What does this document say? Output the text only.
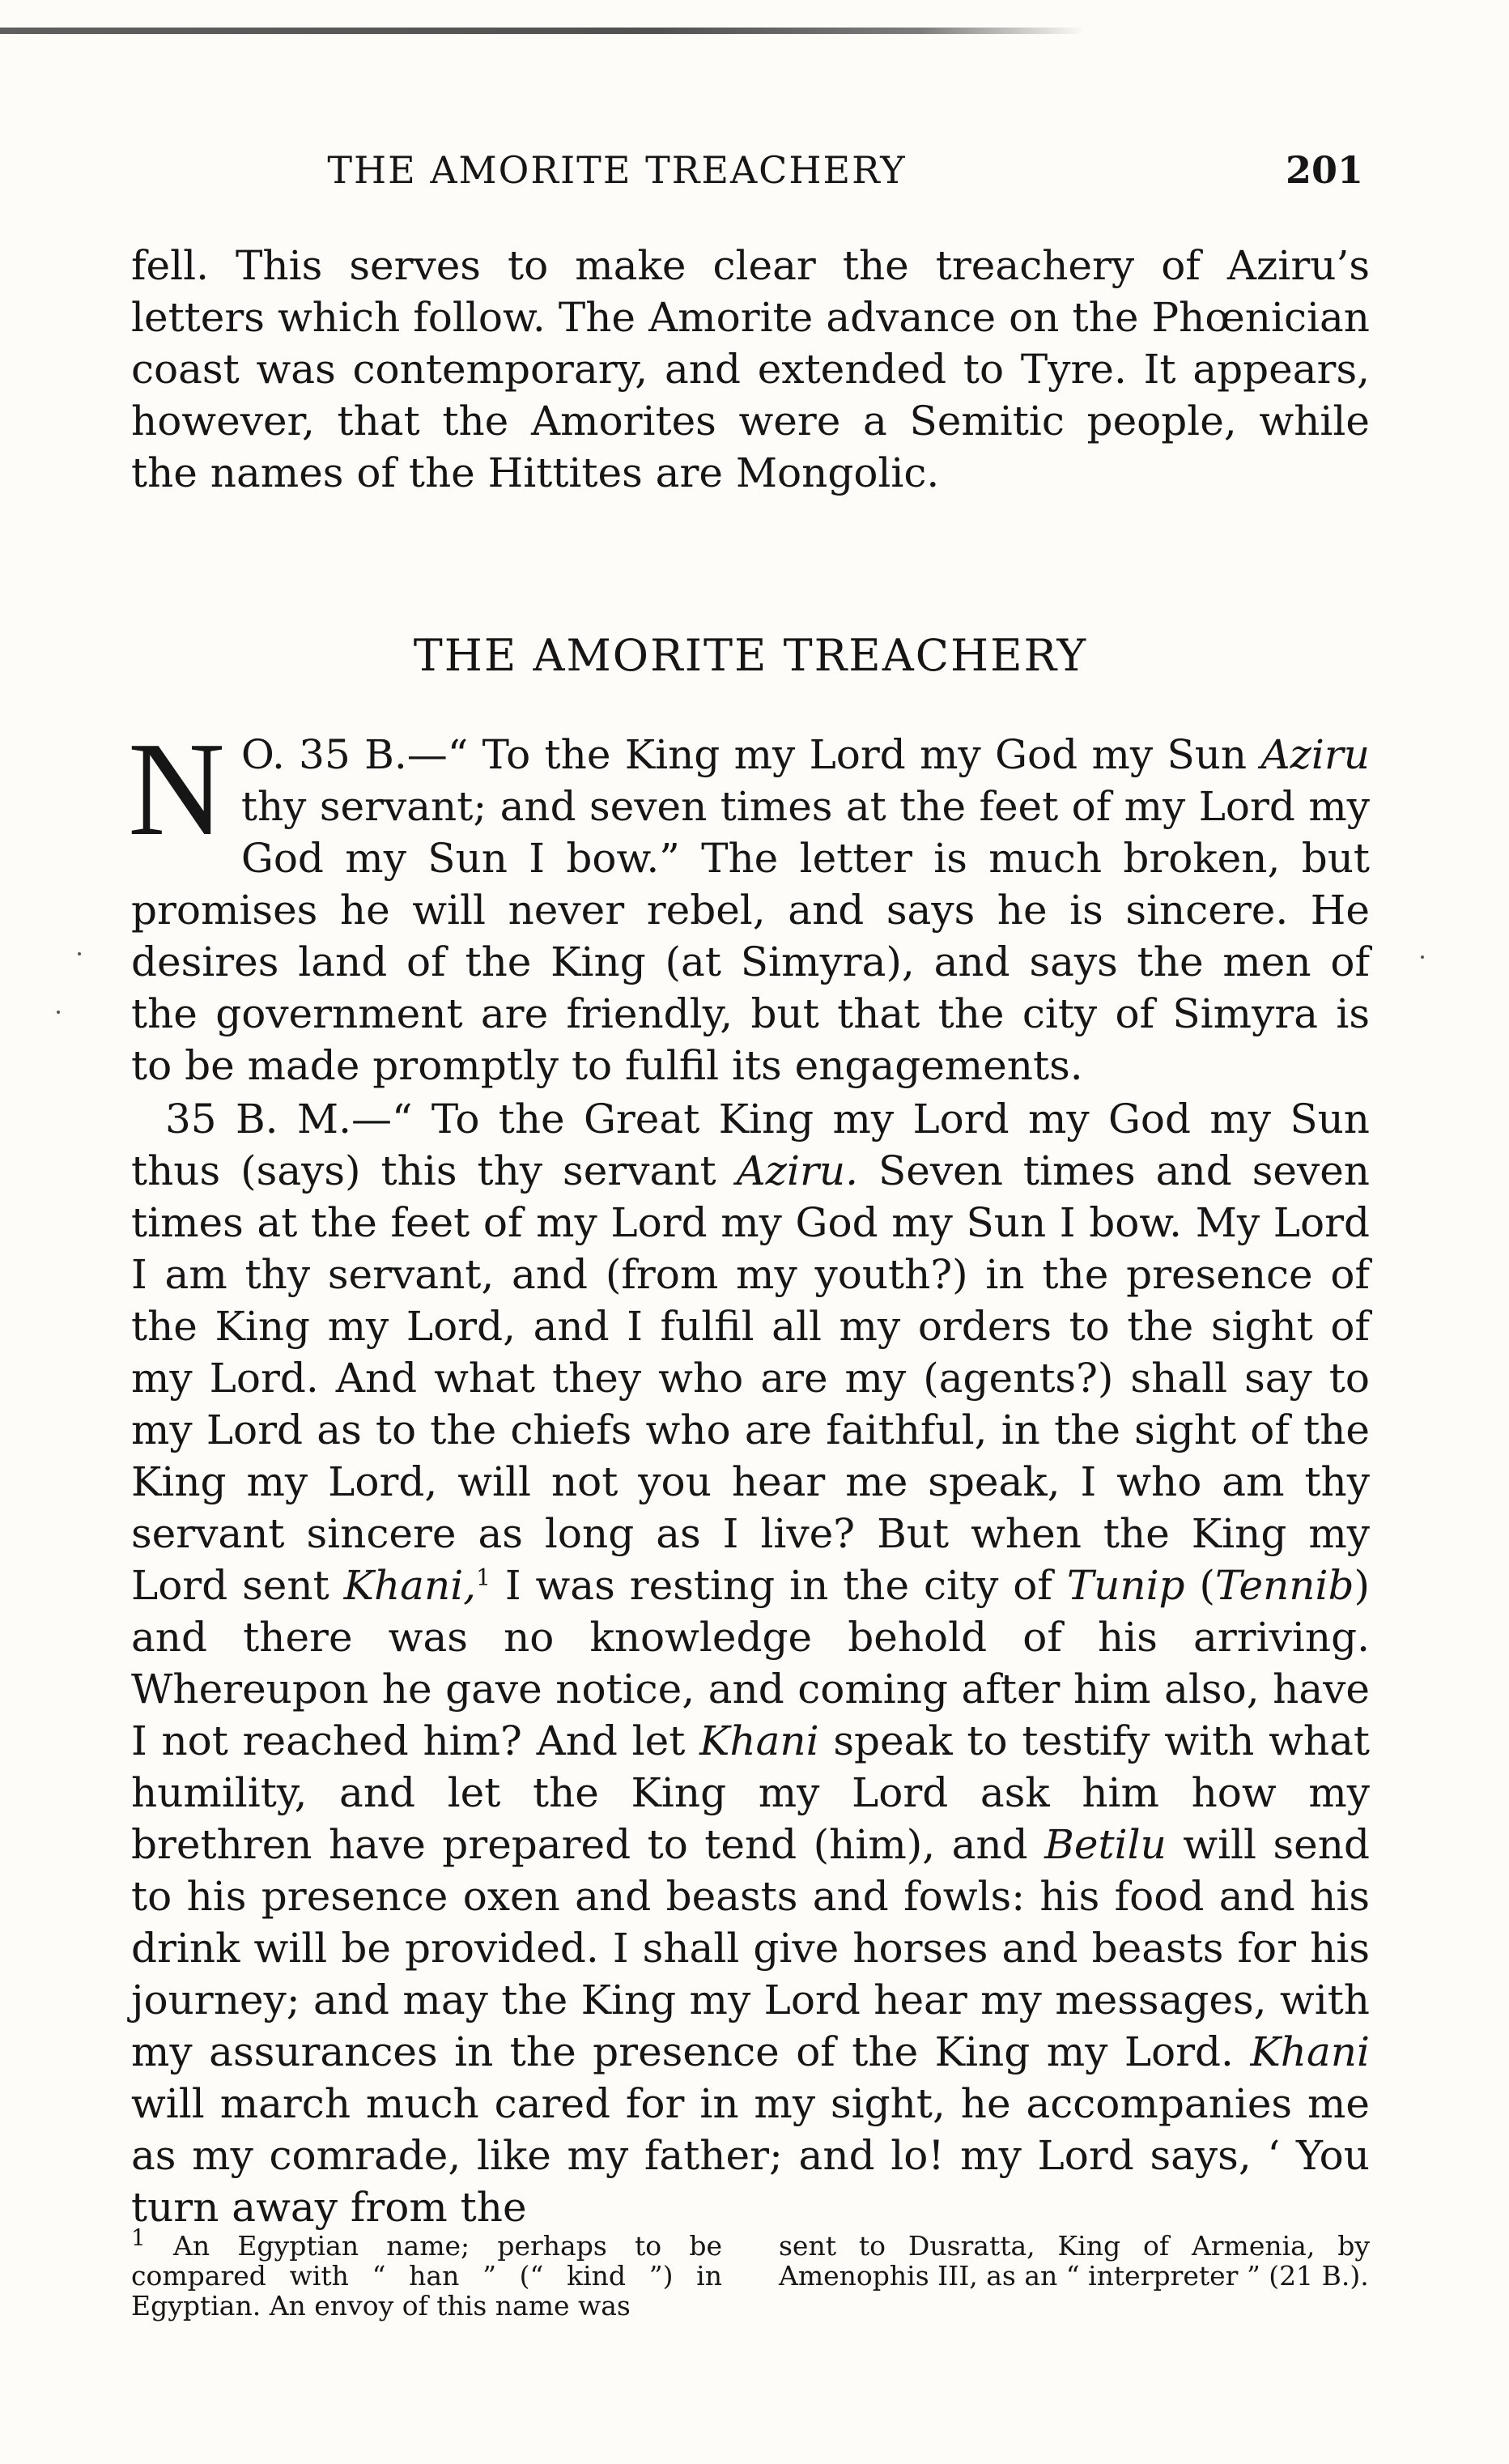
THE AMORITE TREACHERY	201

fell. This serves to make clear the treachery of Aziru’s letters which follow. The Amorite advance on the Phœnician coast was contemporary, and extended to Tyre. It appears, however, that the Amorites were a Semitic people, while the names of the Hittites are Mongolic.

THE AMORITE TREACHERY

N O. 35 B.—“ To the King my Lord my God my Sun Aziru thy servant; and seven times at the feet of my Lord my God my Sun I bow.” The letter is much broken, but promises he will never rebel, and says he is sincere. He desires land of the King (at Simyra), and says the men of the government are friendly, but that the city of Simyra is to be made promptly to fulfil its engagements.

35 B. M.—“ To the Great King my Lord my God my Sun thus (says) this thy servant Aziru. Seven times and seven times at the feet of my Lord my God my Sun I bow. My Lord I am thy servant, and (from my youth?) in the presence of the King my Lord, and I fulfil all my orders to the sight of my Lord. And what they who are my (agents?) shall say to my Lord as to the chiefs who are faithful, in the sight of the King my Lord, will not you hear me speak, I who am thy servant sincere as long as I live? But when the King my Lord sent Khani,$^1$ I was resting in the city of Tunip (Tennib) and there was no knowledge behold of his arriving. Whereupon he gave notice, and coming after him also, have I not reached him? And let Khani speak to testify with what humility, and let the King my Lord ask him how my brethren have prepared to tend (him), and Betilu will send to his presence oxen and beasts and fowls: his food and his drink will be provided. I shall give horses and beasts for his journey; and may the King my Lord hear my messages, with my assurances in the presence of the King my Lord. Khani will march much cared for in my sight, he accompanies me as my comrade, like my father; and lo! my Lord says, ‘ You turn away from the

$^1$ An Egyptian name; perhaps to be compared with “ han ” (“ kind ”) in Egyptian. An envoy of this name was
sent to Dusratta, King of Armenia, by Amenophis III, as an “ interpreter ” (21 B.).
